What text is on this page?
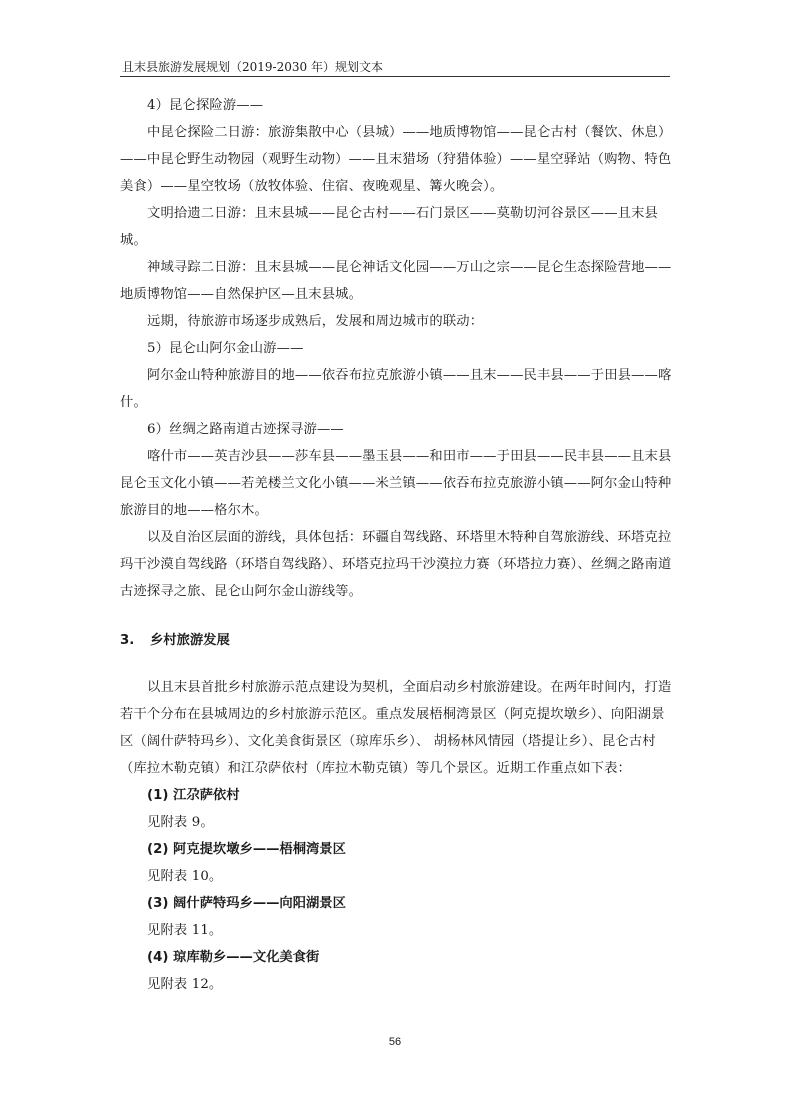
且末县旅游发展规划（2019-2030 年）规划文本

4）昆仑探险游——

中昆仑探险二日游：旅游集散中心（县城）——地质博物馆——昆仑古村（餐饮、休息）——中昆仑野生动物园（观野生动物）——且末猎场（狩猎体验）——星空驿站（购物、特色美食）——星空牧场（放牧体验、住宿、夜晚观星、篝火晚会）。

文明拾遗二日游：且末县城——昆仑古村——石门景区——莫勒切河谷景区——且末县城。

神域寻踪二日游：且末县城——昆仑神话文化园——万山之宗——昆仑生态探险营地——地质博物馆——自然保护区—且末县城。

远期，待旅游市场逐步成熟后，发展和周边城市的联动：

5）昆仑山阿尔金山游——

阿尔金山特种旅游目的地——依吞布拉克旅游小镇——且末——民丰县——于田县——喀什。

6）丝绸之路南道古迹探寻游——

喀什市——英吉沙县——莎车县——墨玉县——和田市——于田县——民丰县——且末县昆仑玉文化小镇——若羌楼兰文化小镇——米兰镇——依吞布拉克旅游小镇——阿尔金山特种旅游目的地——格尔木。

以及自治区层面的游线，具体包括：环疆自驾线路、环塔里木特种自驾旅游线、环塔克拉玛干沙漠自驾线路（环塔自驾线路）、环塔克拉玛干沙漠拉力赛（环塔拉力赛）、丝绸之路南道古迹探寻之旅、昆仑山阿尔金山游线等。

3. 乡村旅游发展

以且末县首批乡村旅游示范点建设为契机，全面启动乡村旅游建设。在两年时间内，打造若干个分布在县城周边的乡村旅游示范区。重点发展梧桐湾景区（阿克提坎墩乡）、向阳湖景区（阔什萨特玛乡）、文化美食街景区（琼库乐乡）、 胡杨林风情园（塔提让乡）、昆仑古村（库拉木勒克镇）和江尕萨依村（库拉木勒克镇）等几个景区。近期工作重点如下表：

(1) 江尕萨依村

见附表 9。

(2) 阿克提坎墩乡——梧桐湾景区

见附表 10。

(3) 阔什萨特玛乡——向阳湖景区

见附表 11。

(4) 琼库勒乡——文化美食街

见附表 12。

56
